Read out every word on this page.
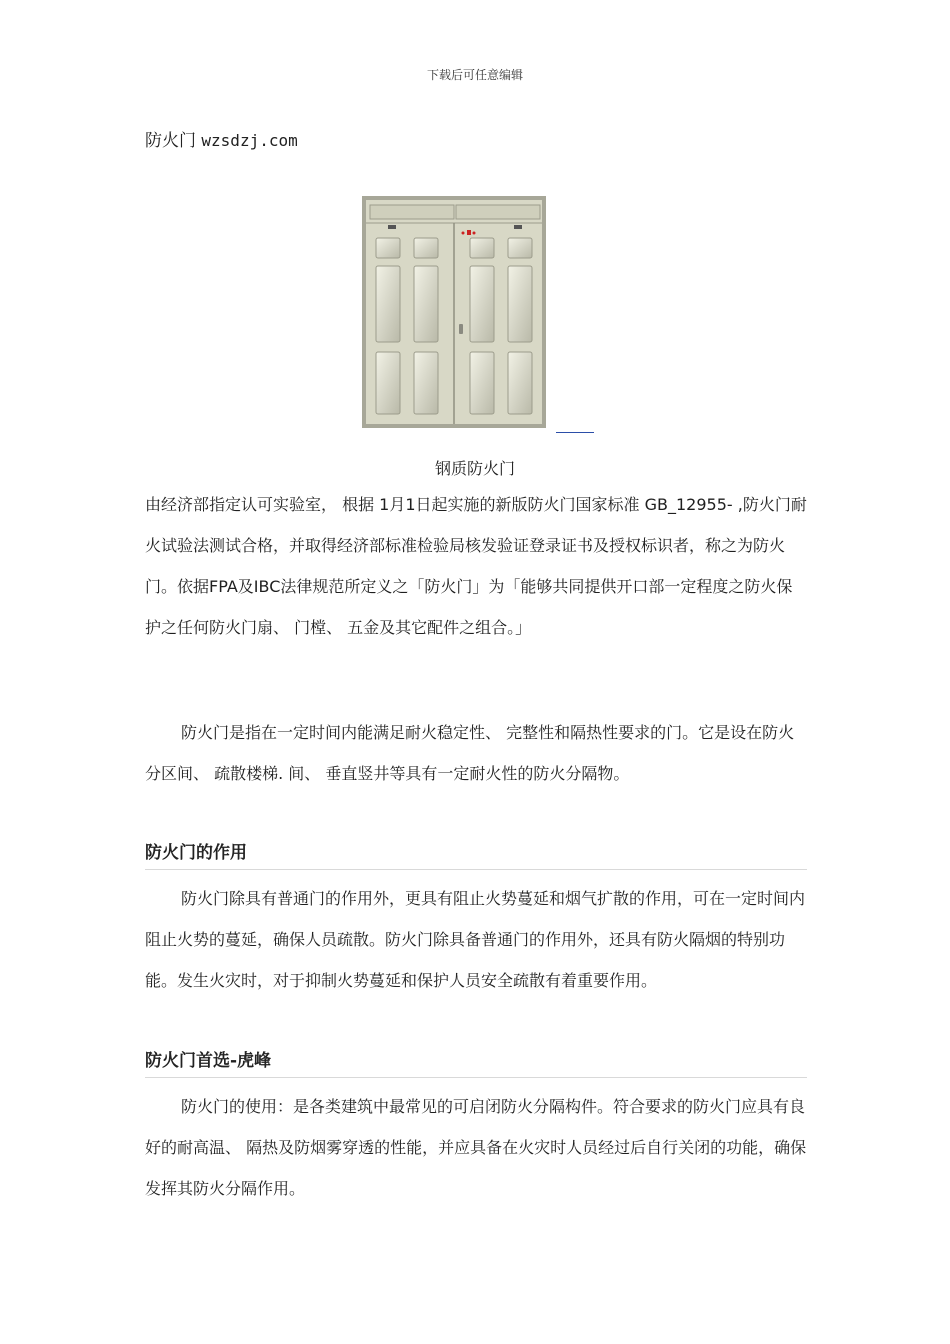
下载后可任意编辑
防火门 wzsdzj.com
钢质防火门

由经济部指定认可实验室， 根据 1月1日起实施的新版防火门国家标准 GB_12955- ,防火门耐火试验法测试合格，并取得经济部标准检验局核发验证登录证书及授权标识者，称之为防火门。依据FPA及IBC法律规范所定义之「防火门」为「能够共同提供开口部一定程度之防火保护之任何防火门扇、 门樘、 五金及其它配件之组合。」

防火门是指在一定时间内能满足耐火稳定性、 完整性和隔热性要求的门。它是设在防火分区间、 疏散楼梯. 间、 垂直竖井等具有一定耐火性的防火分隔物。

防火门的作用

防火门除具有普通门的作用外，更具有阻止火势蔓延和烟气扩散的作用，可在一定时间内阻止火势的蔓延，确保人员疏散。防火门除具备普通门的作用外，还具有防火隔烟的特别功能。发生火灾时，对于抑制火势蔓延和保护人员安全疏散有着重要作用。

防火门首选-虎峰

防火门的使用：是各类建筑中最常见的可启闭防火分隔构件。符合要求的防火门应具有良好的耐高温、 隔热及防烟雾穿透的性能，并应具备在火灾时人员经过后自行关闭的功能，确保发挥其防火分隔作用。
